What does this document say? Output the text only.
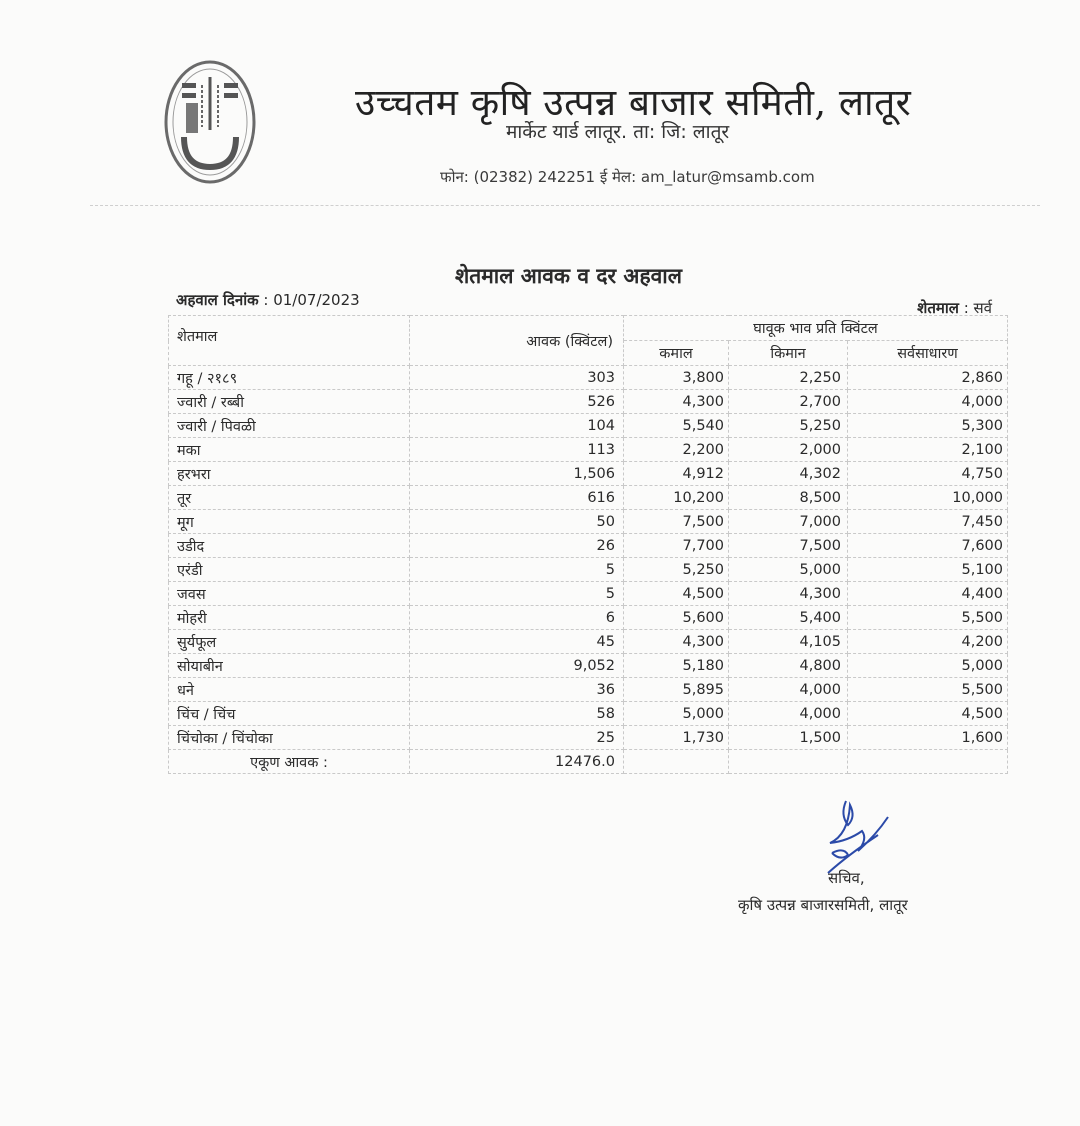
उच्चतम कृषि उत्पन्न बाजार समिती, लातूर
मार्केट यार्ड लातूर. ता: जि: लातूर
फोन: (02382) 242251 ई मेल: am_latur@msamb.com
शेतमाल आवक व दर अहवाल
अहवाल दिनांक : 01/07/2023	शेतमाल : सर्व
शेतमाल	आवक (क्विंटल)	घावूक भाव प्रति क्विंटल		
		कमाल	किमान	सर्वसाधारण
गहू / २१८९	303	3,800	2,250	2,860
ज्वारी / रब्बी	526	4,300	2,700	4,000
ज्वारी / पिवळी	104	5,540	5,250	5,300
मका	113	2,200	2,000	2,100
हरभरा	1,506	4,912	4,302	4,750
तूर	616	10,200	8,500	10,000
मूग	50	7,500	7,000	7,450
उडीद	26	7,700	7,500	7,600
एरंडी	5	5,250	5,000	5,100
जवस	5	4,500	4,300	4,400
मोहरी	6	5,600	5,400	5,500
सुर्यफूल	45	4,300	4,105	4,200
सोयाबीन	9,052	5,180	4,800	5,000
धने	36	5,895	4,000	5,500
चिंच / चिंच	58	5,000	4,000	4,500
चिंचोका / चिंचोका	25	1,730	1,500	1,600
एकूण आवक :	12476.0			
सचिव,
कृषि उत्पन्न बाजारसमिती, लातूर
